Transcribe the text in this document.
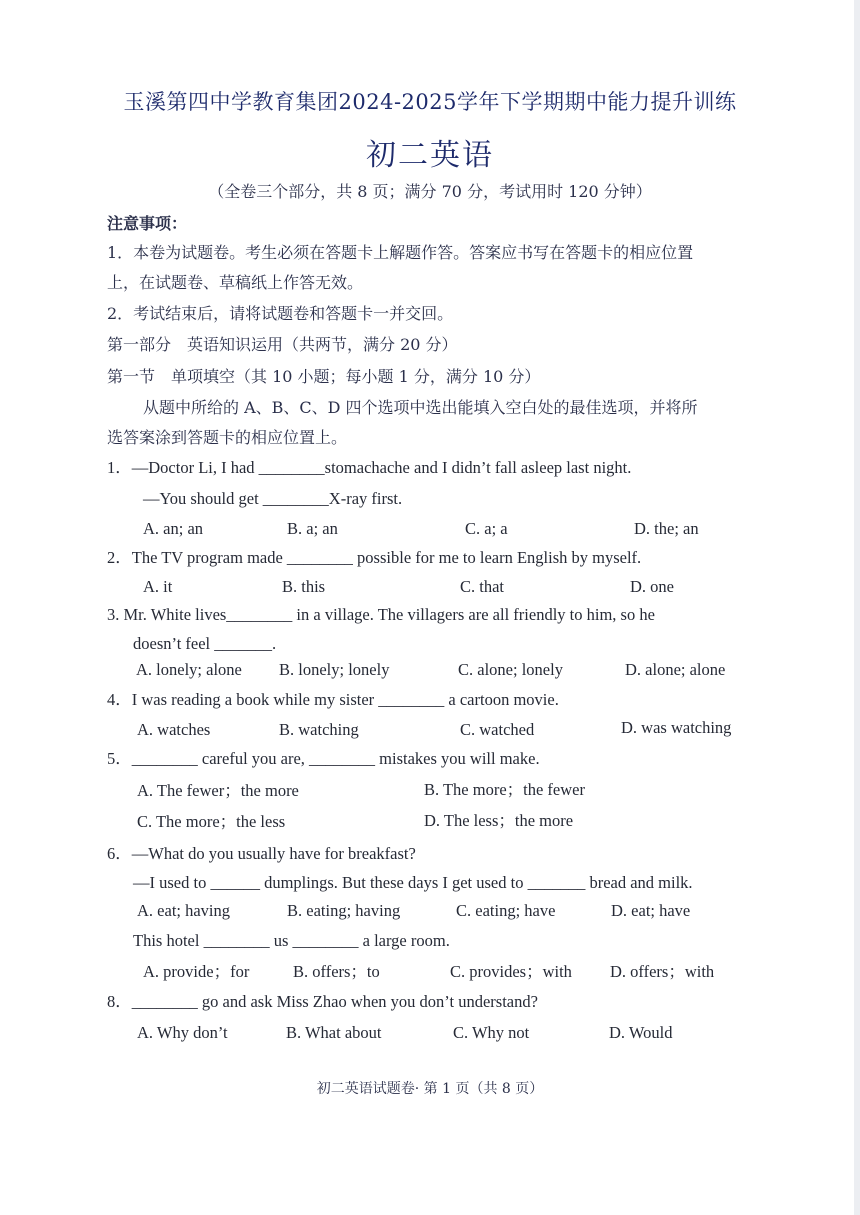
玉溪第四中学教育集团2024-2025学年下学期期中能力提升训练
初二英语
（全卷三个部分，共 8 页；满分 70 分，考试用时 120 分钟）
注意事项：
1．本卷为试题卷。考生必须在答题卡上解题作答。答案应书写在答题卡的相应位置
上，在试题卷、草稿纸上作答无效。
2．考试结束后，请将试题卷和答题卡一并交回。
第一部分　英语知识运用（共两节，满分 20 分）
第一节　单项填空（其 10 小题；每小题 1 分，满分 10 分）
从题中所给的 A、B、C、D 四个选项中选出能填入空白处的最佳选项，并将所
选答案涂到答题卡的相应位置上。
1．—Doctor Li, I had ________stomachache and I didn’t fall asleep last night.
—You should get ________X-ray first.
A. an; an	B. a; an	C. a; a	D. the; an
2．The TV program made ________ possible for me to learn English by myself.
A. it	B. this	C. that	D. one
3. Mr. White lives________ in a village. The villagers are all friendly to him, so he
doesn’t feel _______.
A. lonely; alone B. lonely; lonely	C. alone; lonely	D. alone; alone
4．I was reading a book while my sister ________ a cartoon movie.
A. watches	B. watching	C. watched	D. was watching
5．________ careful you are, ________ mistakes you will make.
A. The fewer；the more	B. The more；the fewer
C. The more；the less	D. The less；the more
6．—What do you usually have for breakfast?
—I used to ______ dumplings. But these days I get used to _______ bread and milk.
A. eat; having	B. eating; having	C. eating; have	D. eat; have
This hotel ________ us ________ a large room.
A. provide；for	B. offers；to	C. provides；with D. offers；with
8．________ go and ask Miss Zhao when you don’t understand?
A. Why don’t	B. What about	C. Why not	D. Would
初二英语试题卷· 第 1 页（共 8 页）
